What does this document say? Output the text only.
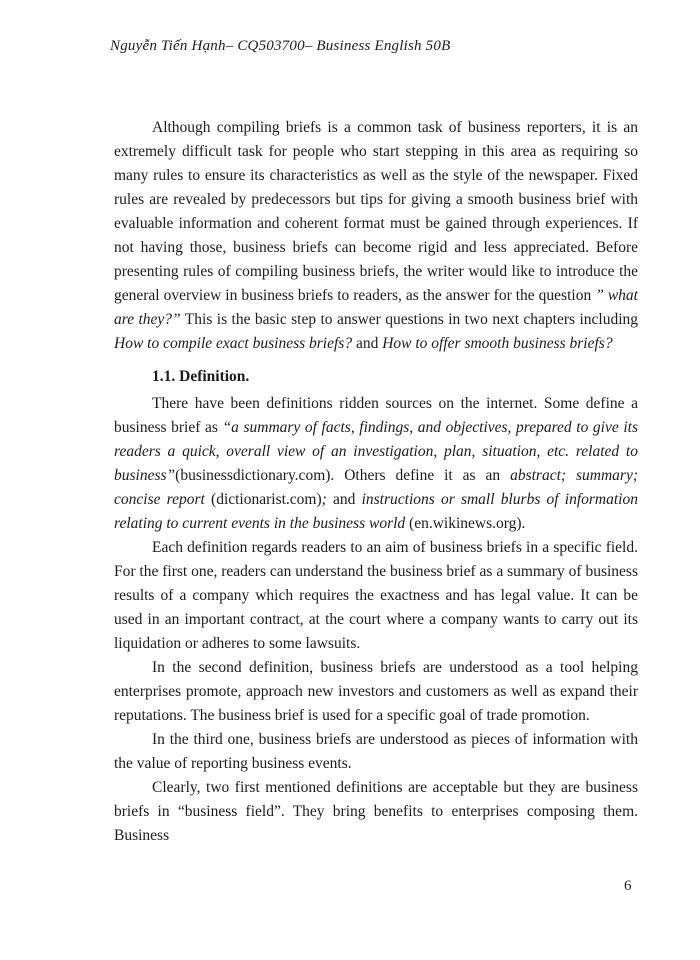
Nguyễn Tiến Hạnh– CQ503700– Business English 50B

Although compiling briefs is a common task of business reporters, it is an extremely difficult task for people who start stepping in this area as requiring so many rules to ensure its characteristics as well as the style of the newspaper. Fixed rules are revealed by predecessors but tips for giving a smooth business brief with evaluable information and coherent format must be gained through experiences. If not having those, business briefs can become rigid and less appreciated. Before presenting rules of compiling business briefs, the writer would like to introduce the general overview in business briefs to readers, as the answer for the question ” what are they?” This is the basic step to answer questions in two next chapters including How to compile exact business briefs? and How to offer smooth business briefs?

1.1. Definition.

There have been definitions ridden sources on the internet. Some define a business brief as “a summary of facts, findings, and objectives, prepared to give its readers a quick, overall view of an investigation, plan, situation, etc. related to business”(businessdictionary.com). Others define it as an abstract; summary; concise report (dictionarist.com); and instructions or small blurbs of information relating to current events in the business world (en.wikinews.org).

Each definition regards readers to an aim of business briefs in a specific field. For the first one, readers can understand the business brief as a summary of business results of a company which requires the exactness and has legal value. It can be used in an important contract, at the court where a company wants to carry out its liquidation or adheres to some lawsuits.

In the second definition, business briefs are understood as a tool helping enterprises promote, approach new investors and customers as well as expand their reputations. The business brief is used for a specific goal of trade promotion.

In the third one, business briefs are understood as pieces of information with the value of reporting business events.

Clearly, two first mentioned definitions are acceptable but they are business briefs in “business field”. They bring benefits to enterprises composing them. Business

6
